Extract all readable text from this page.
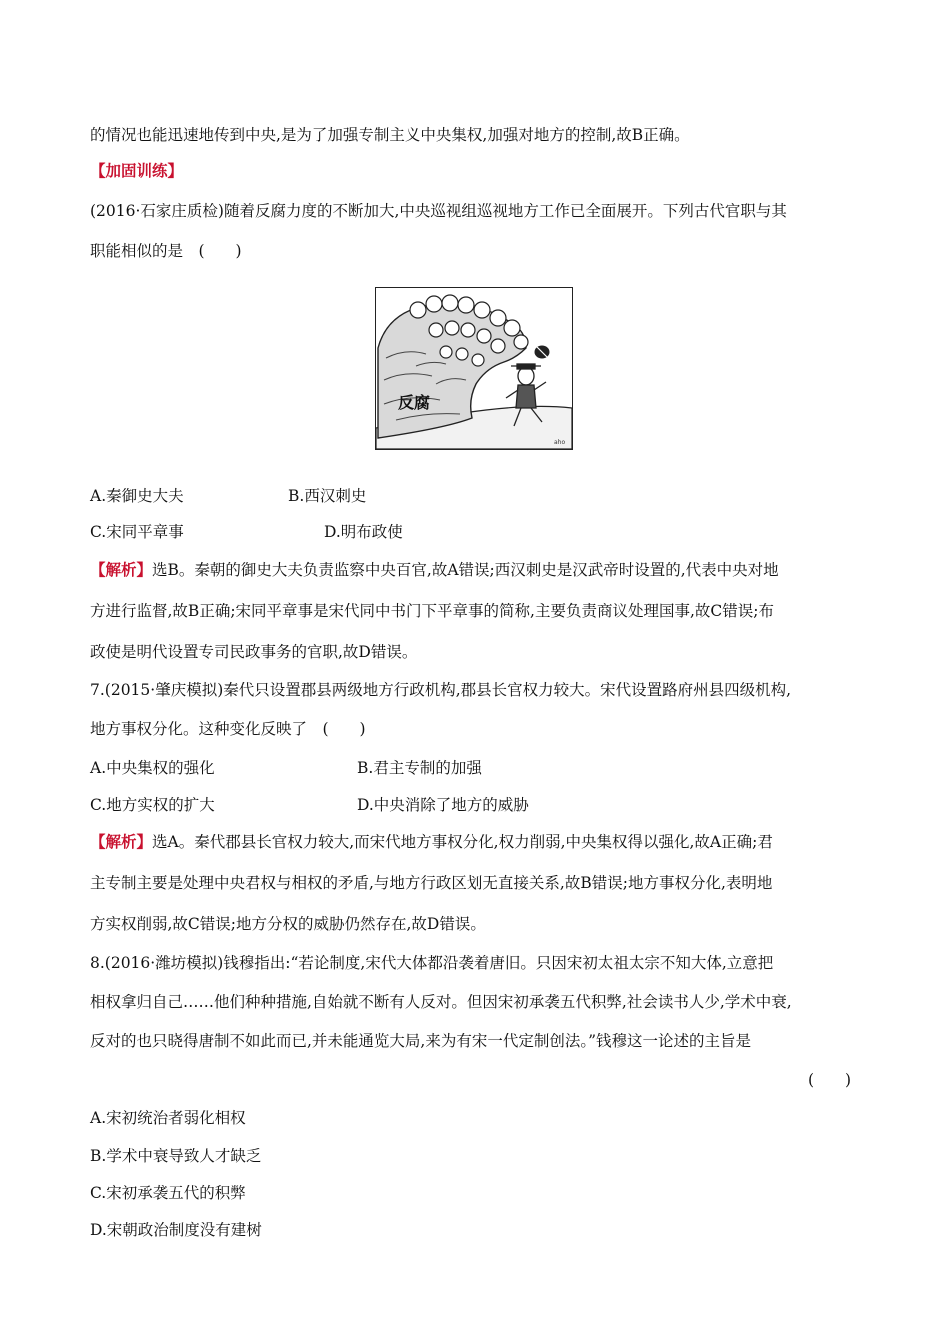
的情况也能迅速地传到中央,是为了加强专制主义中央集权,加强对地方的控制,故B正确。
【加固训练】
(2016·石家庄质检)随着反腐力度的不断加大,中央巡视组巡视地方工作已全面展开。下列古代官职与其
职能相似的是　(　　)
反腐
aho
A.秦御史大夫	B.西汉刺史
C.宋同平章事	D.明布政使
【解析】选B。秦朝的御史大夫负责监察中央百官,故A错误;西汉刺史是汉武帝时设置的,代表中央对地
方进行监督,故B正确;宋同平章事是宋代同中书门下平章事的简称,主要负责商议处理国事,故C错误;布
政使是明代设置专司民政事务的官职,故D错误。
7.(2015·肇庆模拟)秦代只设置郡县两级地方行政机构,郡县长官权力较大。宋代设置路府州县四级机构,
地方事权分化。这种变化反映了　(　　)
A.中央集权的强化	B.君主专制的加强
C.地方实权的扩大	D.中央消除了地方的威胁
【解析】选A。秦代郡县长官权力较大,而宋代地方事权分化,权力削弱,中央集权得以强化,故A正确;君
主专制主要是处理中央君权与相权的矛盾,与地方行政区划无直接关系,故B错误;地方事权分化,表明地
方实权削弱,故C错误;地方分权的威胁仍然存在,故D错误。
8.(2016·潍坊模拟)钱穆指出:“若论制度,宋代大体都沿袭着唐旧。只因宋初太祖太宗不知大体,立意把
相权拿归自己……他们种种措施,自始就不断有人反对。但因宋初承袭五代积弊,社会读书人少,学术中衰,
反对的也只晓得唐制不如此而已,并未能通览大局,来为有宋一代定制创法。”钱穆这一论述的主旨是
(　　)
A.宋初统治者弱化相权
B.学术中衰导致人才缺乏
C.宋初承袭五代的积弊
D.宋朝政治制度没有建树
